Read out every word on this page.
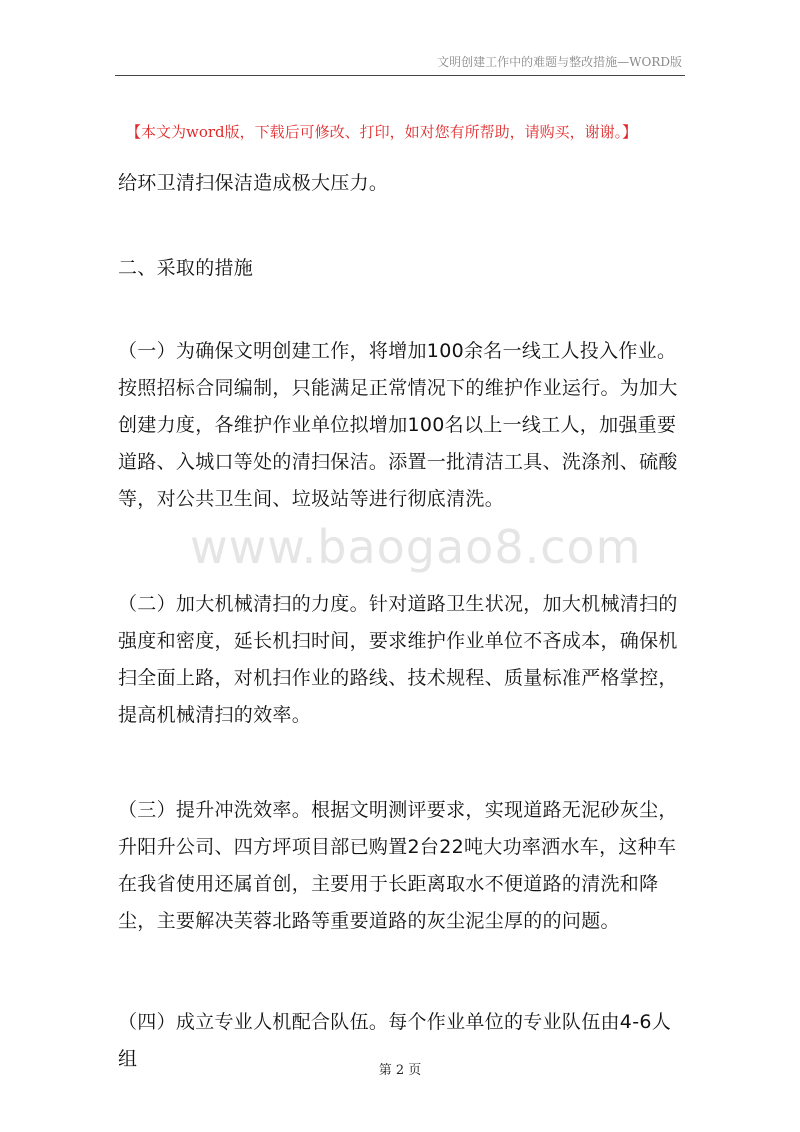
文明创建工作中的难题与整改措施—WORD版
【本文为word版，下载后可修改、打印，如对您有所帮助，请购买，谢谢。】
www.baogao8.com

给环卫清扫保洁造成极大压力。

二、采取的措施

（一）为确保文明创建工作，将增加100余名一线工人投入作业。按照招标合同编制，只能满足正常情况下的维护作业运行。为加大创建力度，各维护作业单位拟增加100名以上一线工人，加强重要道路、入城口等处的清扫保洁。添置一批清洁工具、洗涤剂、硫酸等，对公共卫生间、垃圾站等进行彻底清洗。

（二）加大机械清扫的力度。针对道路卫生状况，加大机械清扫的强度和密度，延长机扫时间，要求维护作业单位不吝成本，确保机扫全面上路，对机扫作业的路线、技术规程、质量标准严格掌控，提高机械清扫的效率。

（三）提升冲洗效率。根据文明测评要求，实现道路无泥砂灰尘，升阳升公司、四方坪项目部已购置2台22吨大功率洒水车，这种车在我省使用还属首创，主要用于长距离取水不便道路的清洗和降尘，主要解决芙蓉北路等重要道路的灰尘泥尘厚的的问题。

（四）成立专业人机配合队伍。每个作业单位的专业队伍由4-6人组

第 2 页
